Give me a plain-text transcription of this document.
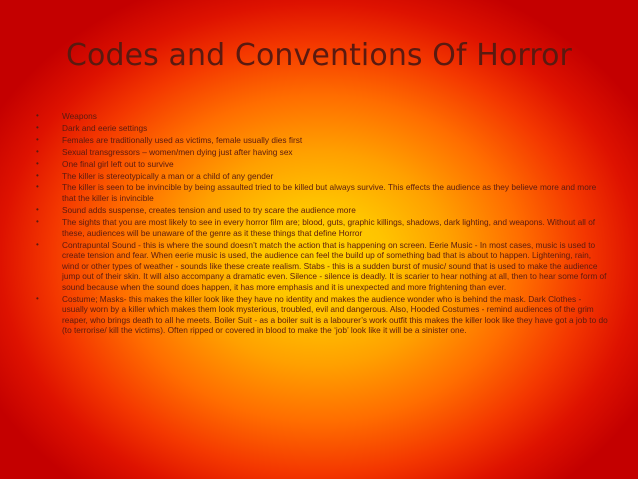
Codes and Conventions Of Horror
•	Weapons
•	Dark and eerie settings
•	Females are traditionally used as victims, female usually dies first
•	Sexual transgressors – women/men dying just after having sex
•	One final girl left out to survive
•	The killer is stereotypically a man or a child of any gender
•	The killer is seen to be invincible by being assaulted tried to be killed but always survive. This effects the audience as they believe more and more that the killer is invincible
•	Sound adds suspense, creates tension and used to try scare the audience more
•	The sights that you are most likely to see in every horror film are; blood, guts, graphic killings, shadows, dark lighting, and weapons. Without all of these, audiences will be unaware of the genre as it these things that define Horror
•	Contrapuntal Sound - this is where the sound doesn’t match the action that is happening on screen. Eerie Music - In most cases, music is used to create tension and fear. When eerie music is used, the audience can feel the build up of something bad that is about to happen. Lightening, rain, wind or other types of weather - sounds like these create realism. Stabs - this is a sudden burst of music/ sound that is used to make the audience jump out of their skin. It will also accompany a dramatic even. Silence - silence is deadly. It is scarier to hear nothing at all, then to hear some form of sound because when the sound does happen, it has more emphasis and it is unexpected and more frightening than ever.
•	Costume; Masks- this makes the killer look like they have no identity and makes the audience wonder who is behind the mask. Dark Clothes - usually worn by a killer which makes them look mysterious, troubled, evil and dangerous. Also, Hooded Costumes - remind audiences of the grim reaper, who brings death to all he meets. Boiler Suit - as a boiler suit is a labourer’s work outfit this makes the killer look like they have got a job to do (to terrorise/ kill the victims). Often ripped or covered in blood to make the ‘job’ look like it will be a sinister one.
